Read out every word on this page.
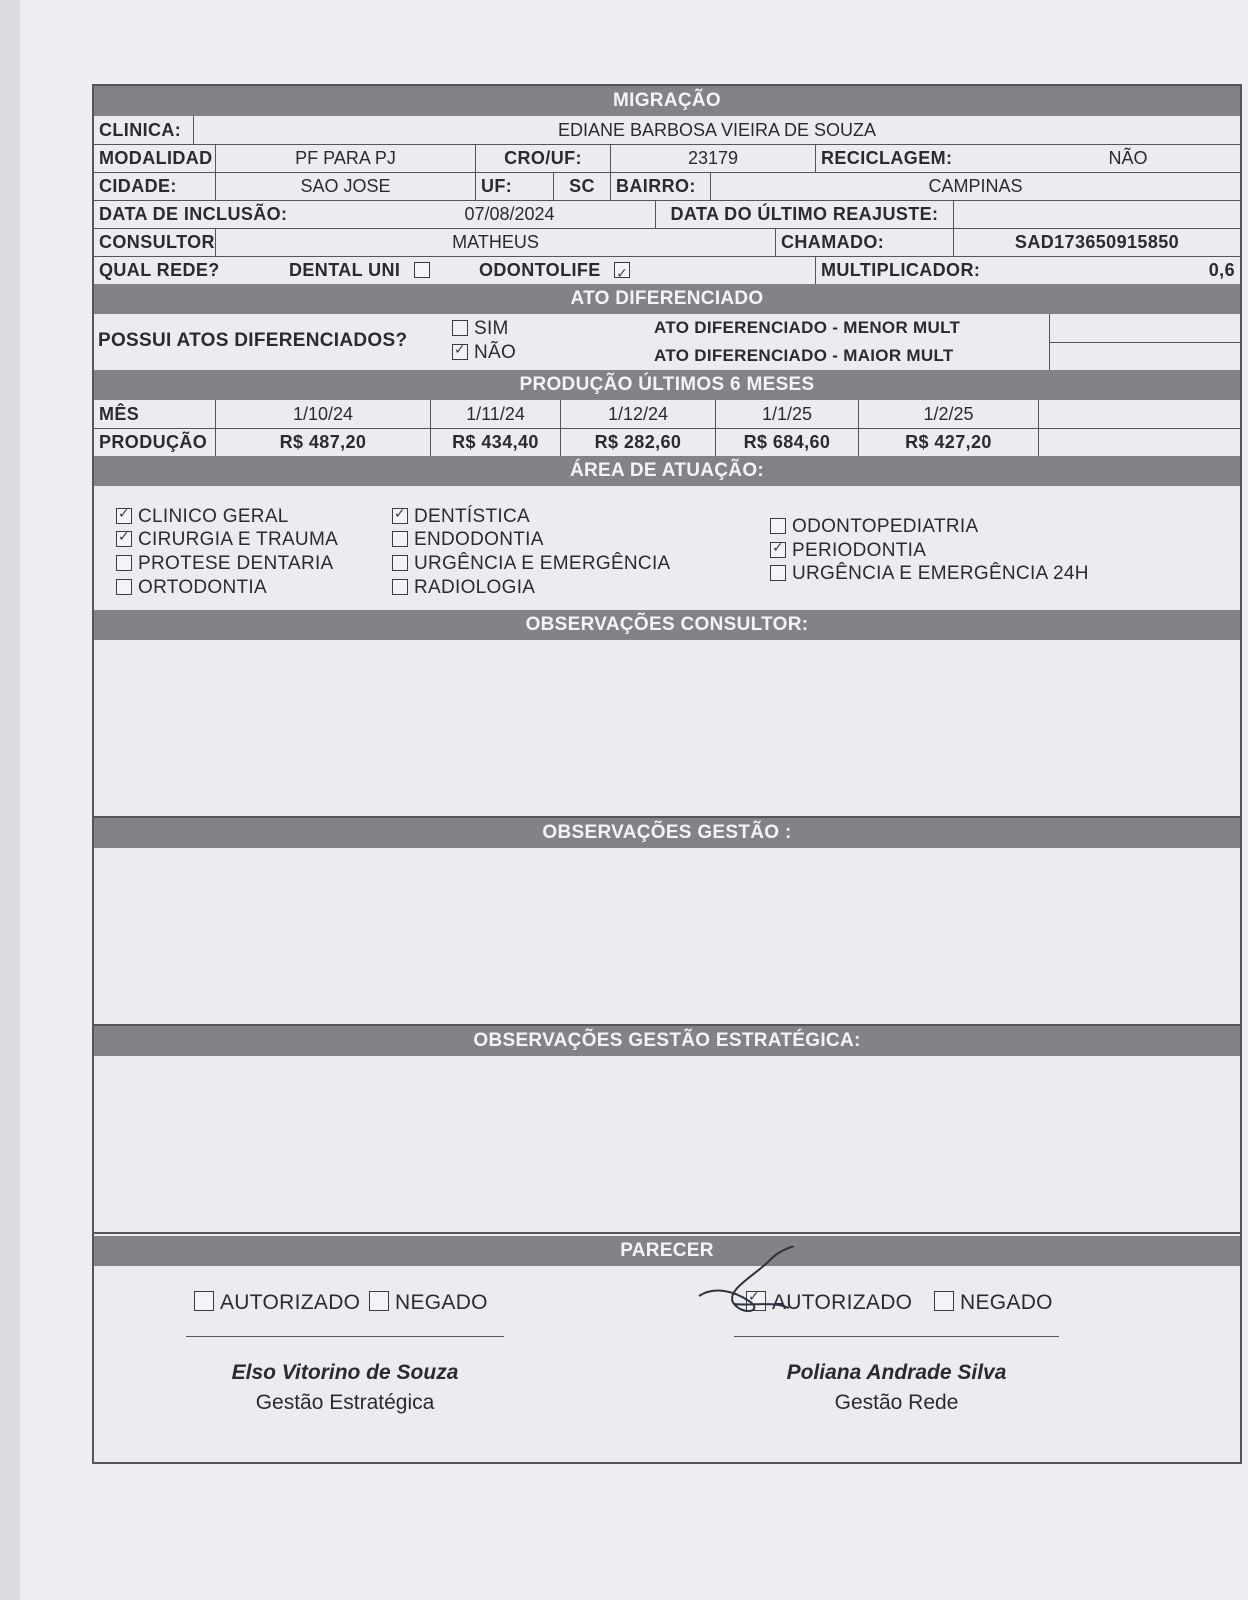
MIGRAÇÃO
CLINICA:	EDIANE BARBOSA VIEIRA DE SOUZA
MODALIDAD	PF PARA PJ	CRO/UF:	23179	RECICLAGEM:	NÃO
CIDADE:	SAO JOSE	UF:	SC	BAIRRO:	CAMPINAS
DATA DE INCLUSÃO:	07/08/2024	DATA DO ÚLTIMO REAJUSTE:
CONSULTOR	MATHEUS	CHAMADO:	SAD173650915850
QUAL REDE?	DENTAL UNI	ODONTOLIFE ✓	MULTIPLICADOR:	0,6
ATO DIFERENCIADO
POSSUI ATOS DIFERENCIADOS?
SIM
✓NÃO
ATO DIFERENCIADO - MENOR MULT
ATO DIFERENCIADO - MAIOR MULT
PRODUÇÃO ÚLTIMOS 6 MESES
MÊS	1/10/24	1/11/24	1/12/24	1/1/25	1/2/25
PRODUÇÃO	R$ 487,20	R$ 434,40	R$ 282,60	R$ 684,60	R$ 427,20
ÁREA DE ATUAÇÃO:
✓CLINICO GERAL
✓CIRURGIA E TRAUMA
PROTESE DENTARIA
ORTODONTIA
✓DENTÍSTICA
ENDODONTIA
URGÊNCIA E EMERGÊNCIA
RADIOLOGIA
ODONTOPEDIATRIA
✓PERIODONTIA
URGÊNCIA E EMERGÊNCIA 24H
OBSERVAÇÕES CONSULTOR:
OBSERVAÇÕES GESTÃO :
OBSERVAÇÕES GESTÃO ESTRATÉGICA:
PARECER
AUTORIZADO	NEGADO
Elso Vitorino de Souza
Gestão Estratégica
✓AUTORIZADO	NEGADO
Poliana Andrade Silva
Gestão Rede
